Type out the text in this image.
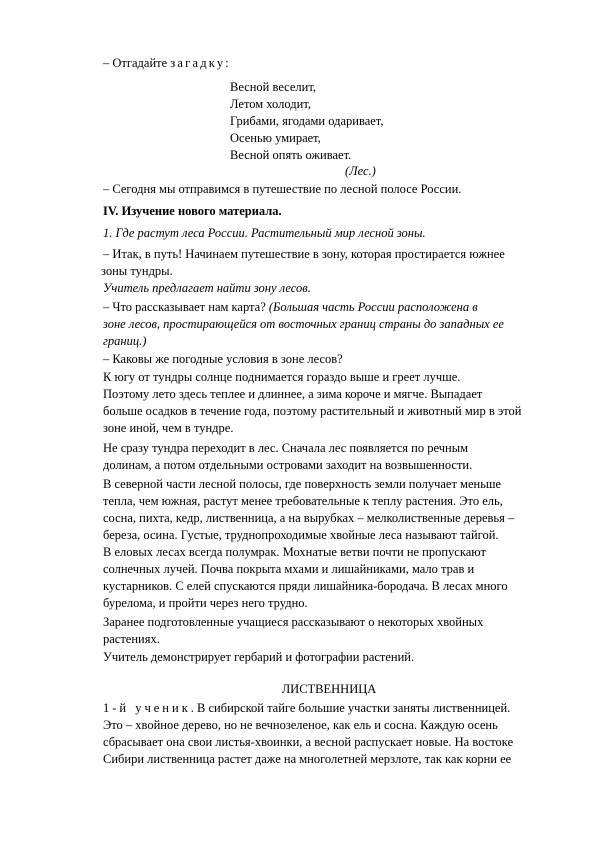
– Отгадайте загадку:
Весной веселит,
Летом холодит,
Грибами, ягодами одаривает,
Осенью умирает,
Весной опять оживает.
(Лес.)
– Сегодня мы отправимся в путешествие по лесной полосе России.
IV. Изучение нового материала.
1. Где растут леса России. Растительный мир лесной зоны.
– Итак, в путь! Начинаем путешествие в зону, которая простирается южнее
зоны тундры.
Учитель предлагает найти зону лесов.
– Что рассказывает нам карта? (Большая часть России расположена в
зоне лесов, простирающейся от восточных границ страны до западных ее
границ.)
– Каковы же погодные условия в зоне лесов?
К югу от тундры солнце поднимается гораздо выше и греет лучше.
Поэтому лето здесь теплее и длиннее, а зима короче и мягче. Выпадает
больше осадков в течение года, поэтому растительный и животный мир в этой
зоне иной, чем в тундре.
Не сразу тундра переходит в лес. Сначала лес появляется по речным
долинам, а потом отдельными островами заходит на возвышенности.
В северной части лесной полосы, где поверхность земли получает меньше
тепла, чем южная, растут менее требовательные к теплу растения. Это ель,
сосна, пихта, кедр, лиственница, а на вырубках – мелколиственные деревья –
береза, осина. Густые, труднопроходимые хвойные леса называют тайгой.
В еловых лесах всегда полумрак. Мохнатые ветви почти не пропускают
солнечных лучей. Почва покрыта мхами и лишайниками, мало трав и
кустарников. С елей спускаются пряди лишайника-бородача. В лесах много
бурелома, и пройти через него трудно.
Заранее подготовленные учащиеся рассказывают о некоторых хвойных
растениях.
Учитель демонстрирует гербарий и фотографии растений.
ЛИСТВЕННИЦА
1-й ученик. В сибирской тайге большие участки заняты лиственницей.
Это – хвойное дерево, но не вечнозеленое, как ель и сосна. Каждую осень
сбрасывает она свои листья-хвоинки, а весной распускает новые. На востоке
Сибири лиственница растет даже на многолетней мерзлоте, так как корни ее
